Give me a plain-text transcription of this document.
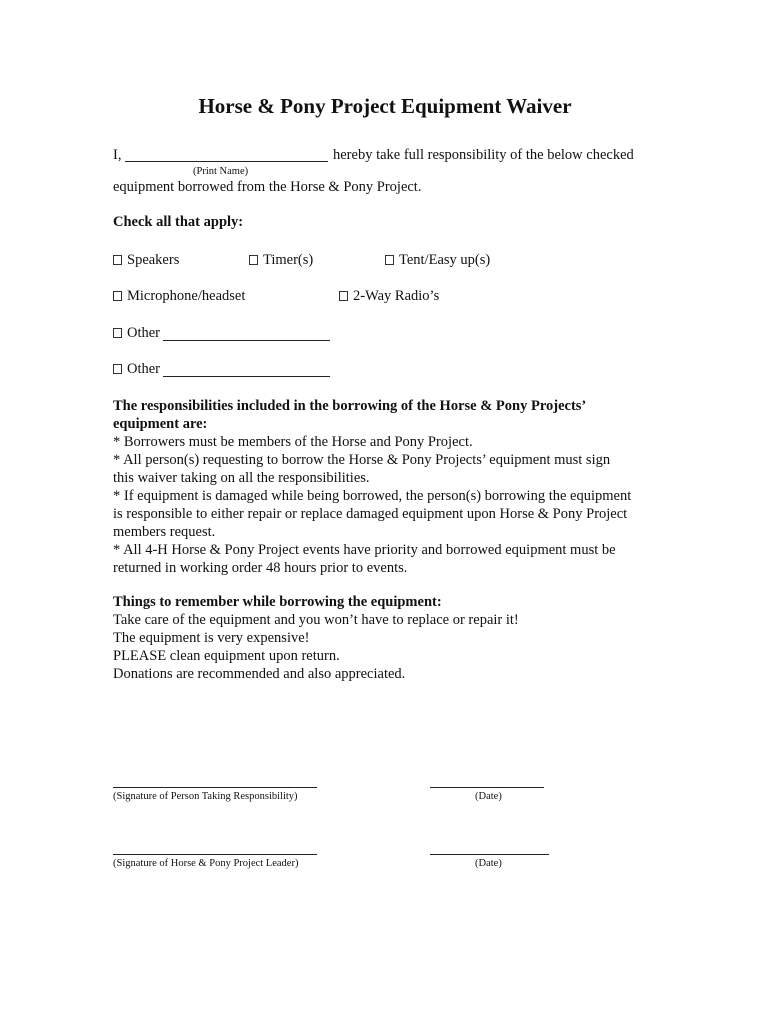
Horse & Pony Project Equipment Waiver
I,	hereby take full responsibility of the below checked
(Print Name)
equipment borrowed from the Horse & Pony Project.
Check all that apply:
Speakers	Timer(s)	Tent/Easy up(s)
Microphone/headset	2-Way Radio’s
Other
Other
The responsibilities included in the borrowing of the Horse & Pony Projects’
equipment are:
* Borrowers must be members of the Horse and Pony Project.
* All person(s) requesting to borrow the Horse & Pony Projects’ equipment must sign
this waiver taking on all the responsibilities.
* If equipment is damaged while being borrowed, the person(s) borrowing the equipment
is responsible to either repair or replace damaged equipment upon Horse & Pony Project
members request.
* All 4-H Horse & Pony Project events have priority and borrowed equipment must be
returned in working order 48 hours prior to events.
Things to remember while borrowing the equipment:
Take care of the equipment and you won’t have to replace or repair it!
The equipment is very expensive!
PLEASE clean equipment upon return.
Donations are recommended and also appreciated.
(Signature of Person Taking Responsibility)	(Date)
(Signature of Horse & Pony Project Leader)	(Date)
